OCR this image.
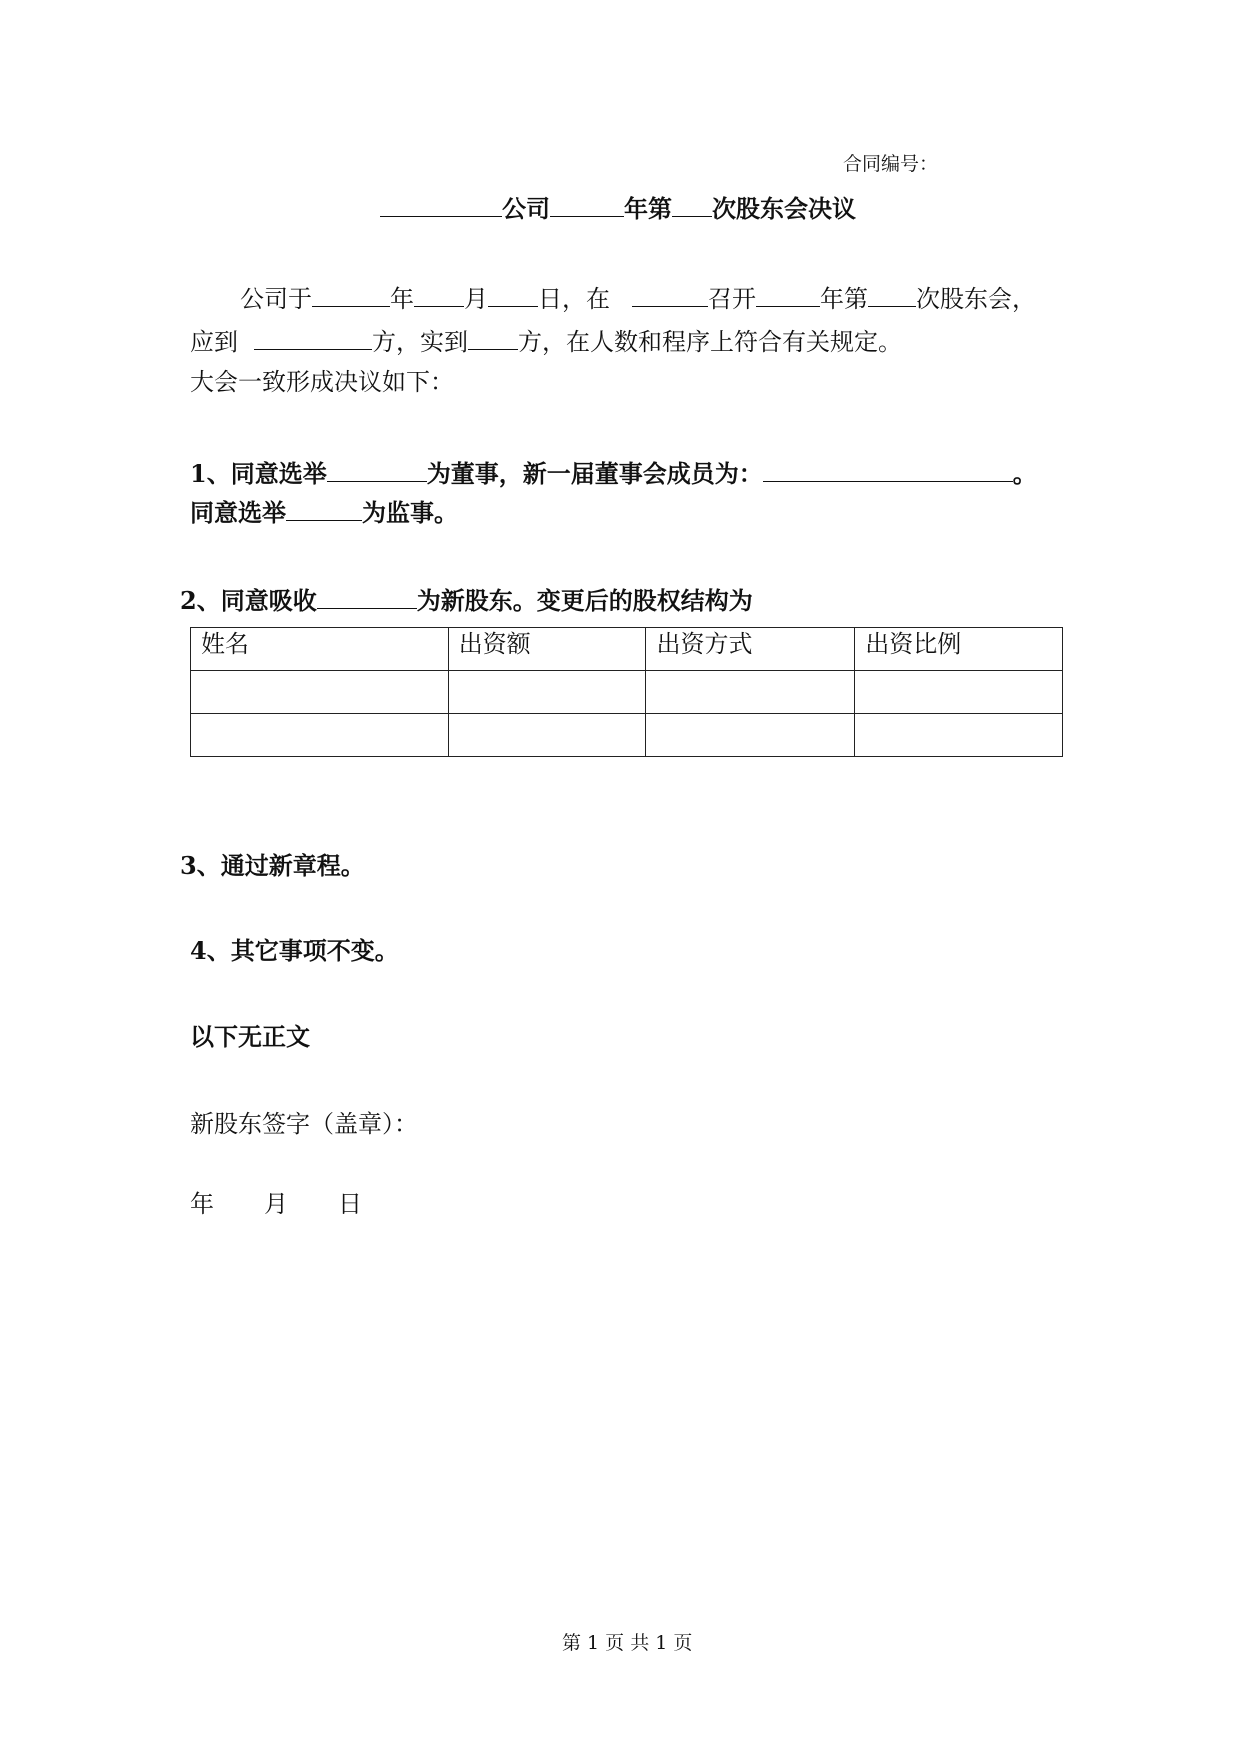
合同编号：
公司	年第 次股东会决议
公司于	年 月 日，在	召开	年第 次股东会，
应到	方，实到 方，在人数和程序上符合有关规定。
大会一致形成决议如下：
1、同意选举	为董事，新一届董事会成员为：	。
同意选举	为监事。
2、同意吸收	为新股东。变更后的股权结构为
姓名	出资额	出资方式	出资比例

3、通过新章程。
4、其它事项不变。
以下无正文
新股东签字（盖章）：
年 月 日
第 1 页 共 1 页
